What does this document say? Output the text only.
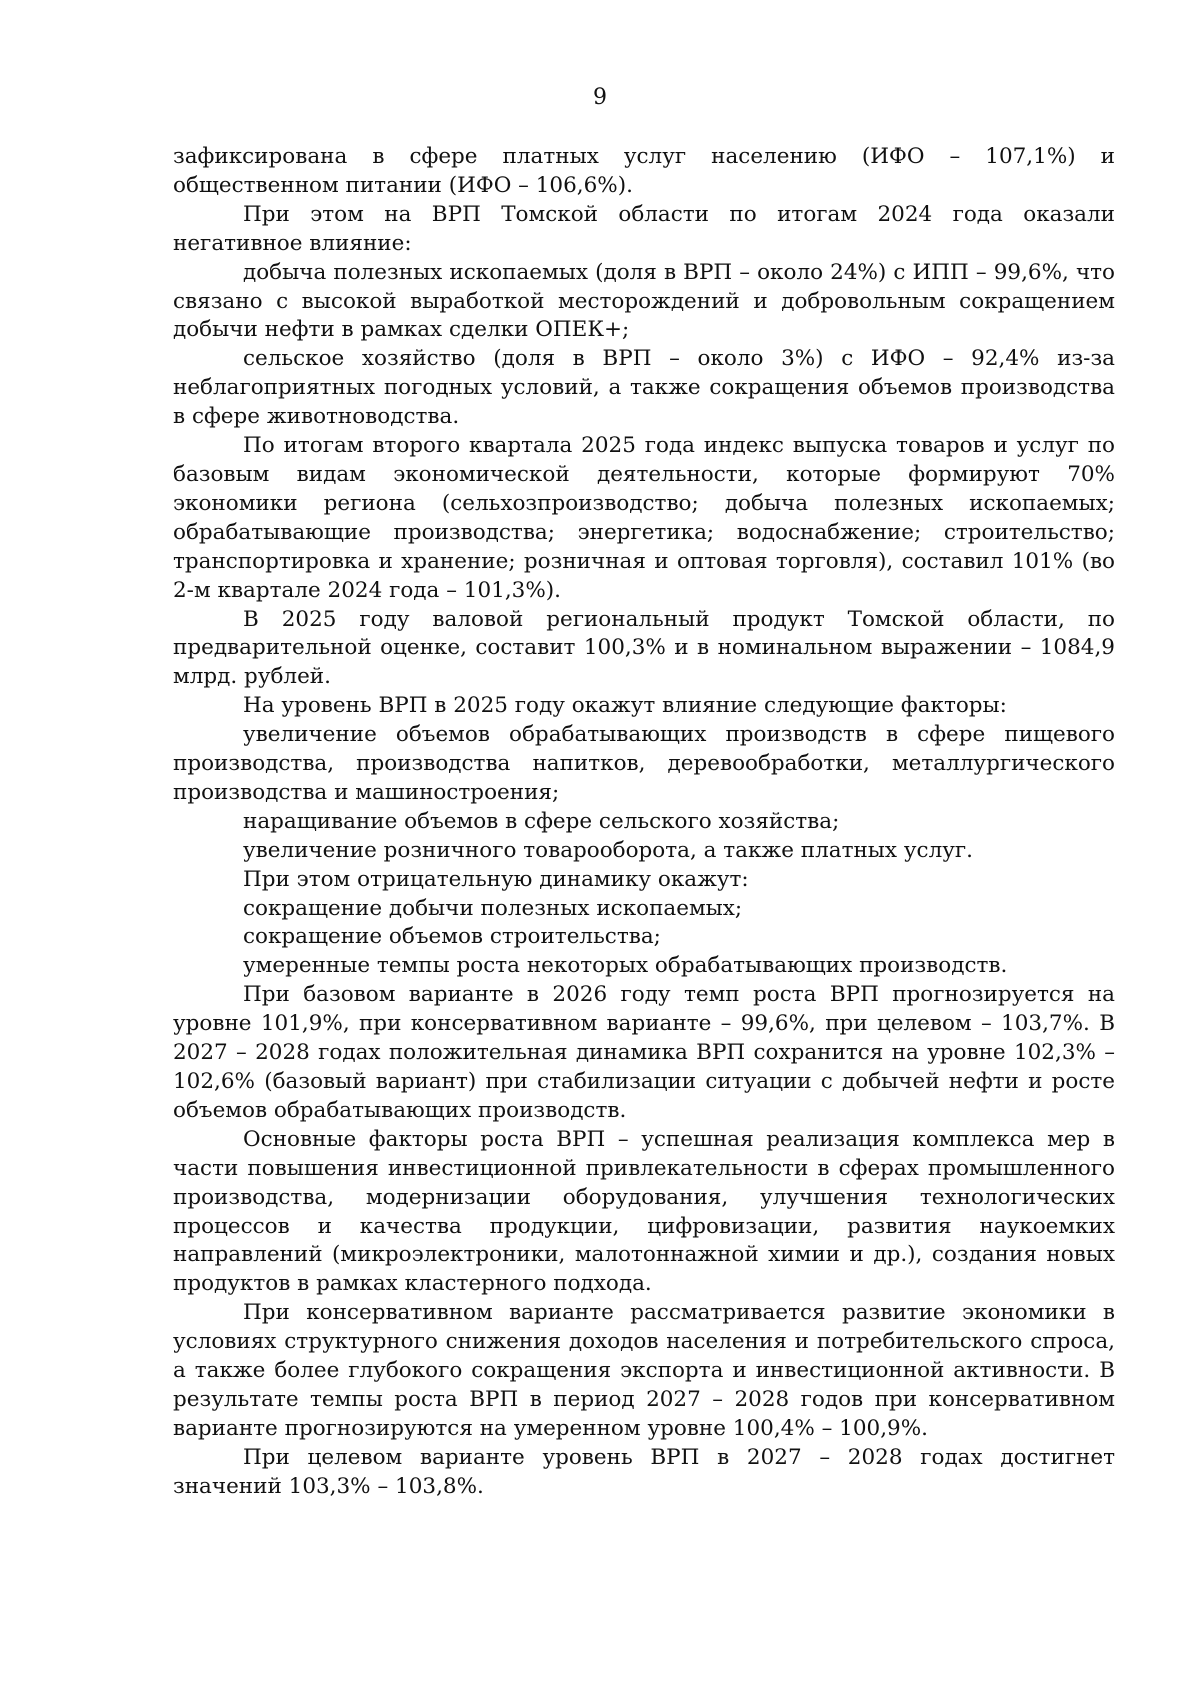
9

зафиксирована в сфере платных услуг населению (ИФО – 107,1%) и общественном питании (ИФО – 106,6%).

При этом на ВРП Томской области по итогам 2024 года оказали негативное влияние:

добыча полезных ископаемых (доля в ВРП – около 24%) с ИПП – 99,6%, что связано с высокой выработкой месторождений и добровольным сокращением добычи нефти в рамках сделки ОПЕК+;

сельское хозяйство (доля в ВРП – около 3%) с ИФО – 92,4% из-за неблагоприятных погодных условий, а также сокращения объемов производства в сфере животноводства.

По итогам второго квартала 2025 года индекс выпуска товаров и услуг по базовым видам экономической деятельности, которые формируют 70% экономики региона (сельхозпроизводство; добыча полезных ископаемых; обрабатывающие производства; энергетика; водоснабжение; строительство; транспортировка и хранение; розничная и оптовая торговля), составил 101% (во 2-м квартале 2024 года – 101,3%).

В 2025 году валовой региональный продукт Томской области, по предварительной оценке, составит 100,3% и в номинальном выражении – 1084,9 млрд. рублей.

На уровень ВРП в 2025 году окажут влияние следующие факторы:

увеличение объемов обрабатывающих производств в сфере пищевого производства, производства напитков, деревообработки, металлургического производства и машиностроения;

наращивание объемов в сфере сельского хозяйства;

увеличение розничного товарооборота, а также платных услуг.

При этом отрицательную динамику окажут:

сокращение добычи полезных ископаемых;

сокращение объемов строительства;

умеренные темпы роста некоторых обрабатывающих производств.

При базовом варианте в 2026 году темп роста ВРП прогнозируется на уровне 101,9%, при консервативном варианте – 99,6%, при целевом – 103,7%. В 2027 – 2028 годах положительная динамика ВРП сохранится на уровне 102,3% – 102,6% (базовый вариант) при стабилизации ситуации с добычей нефти и росте объемов обрабатывающих производств.

Основные факторы роста ВРП – успешная реализация комплекса мер в части повышения инвестиционной привлекательности в сферах промышленного производства, модернизации оборудования, улучшения технологических процессов и качества продукции, цифровизации, развития наукоемких направлений (микроэлектроники, малотоннажной химии и др.), создания новых продуктов в рамках кластерного подхода.

При консервативном варианте рассматривается развитие экономики в условиях структурного снижения доходов населения и потребительского спроса, а также более глубокого сокращения экспорта и инвестиционной активности. В результате темпы роста ВРП в период 2027 – 2028 годов при консервативном варианте прогнозируются на умеренном уровне 100,4% – 100,9%.

При целевом варианте уровень ВРП в 2027 – 2028 годах достигнет значений 103,3% – 103,8%.
